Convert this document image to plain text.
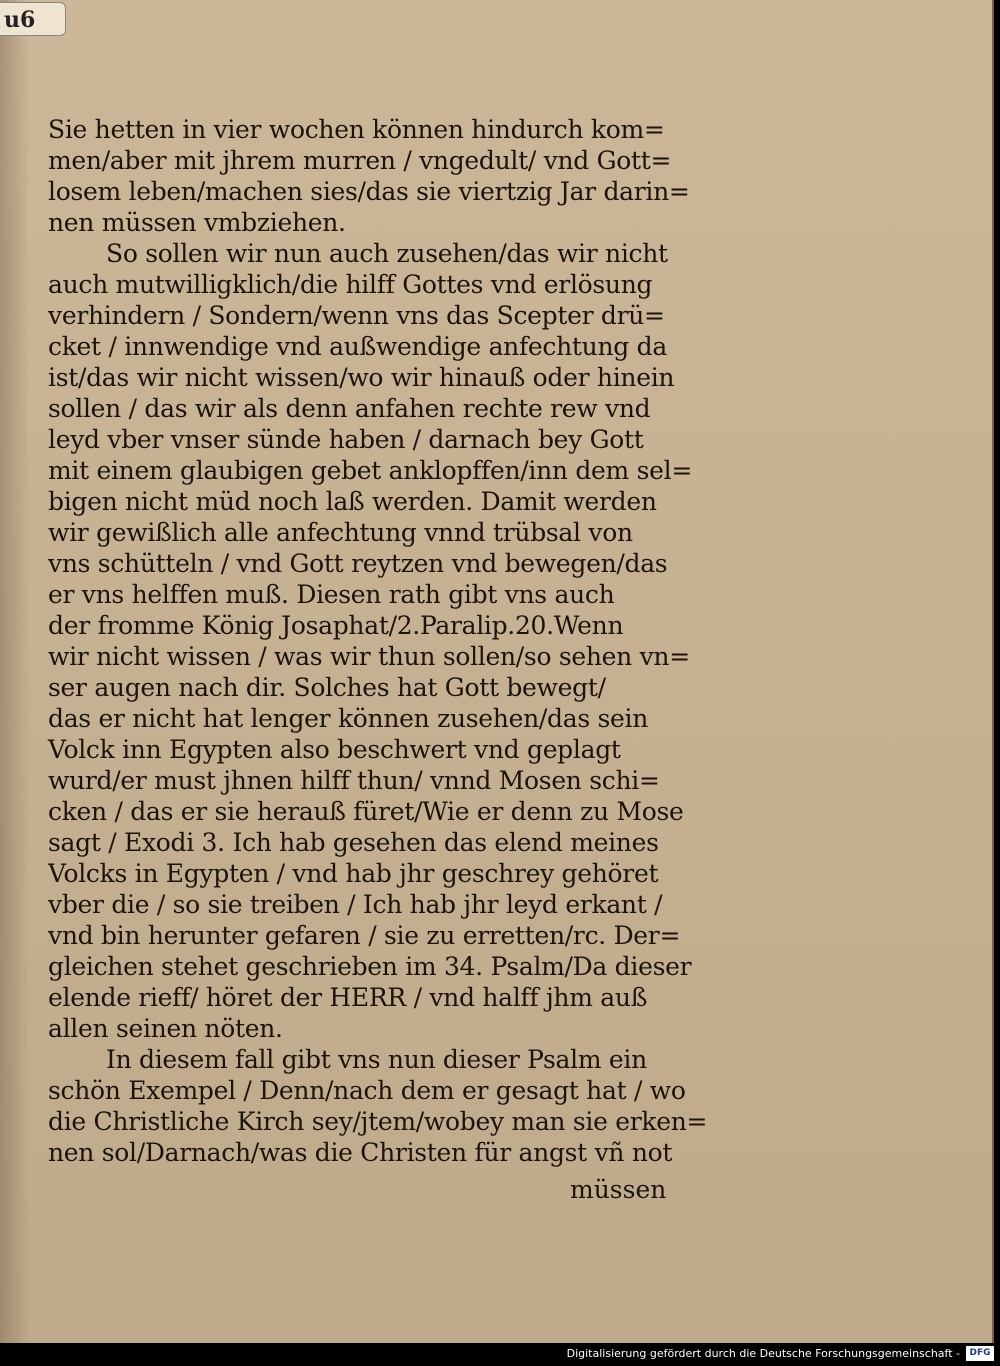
u6
Sie hetten in vier wochen können hindurch kom=
men/aber mit jhrem murren / vngedult/ vnd Gott=
losem leben/machen sies/das sie viertzig Jar darin=
nen müssen vmbziehen.
So sollen wir nun auch zusehen/das wir nicht
auch mutwilligklich/die hilff Gottes vnd erlösung
verhindern / Sondern/wenn vns das Scepter drü=
cket / innwendige vnd außwendige anfechtung da
ist/das wir nicht wissen/wo wir hinauß oder hinein
sollen / das wir als denn anfahen rechte rew vnd
leyd vber vnser sünde haben / darnach bey Gott
mit einem glaubigen gebet anklopffen/inn dem sel=
bigen nicht müd noch laß werden. Damit werden
wir gewißlich alle anfechtung vnnd trübsal von
vns schütteln / vnd Gott reytzen vnd bewegen/das
er vns helffen muß. Diesen rath gibt vns auch
der fromme König Josaphat/2.Paralip.20.Wenn
wir nicht wissen / was wir thun sollen/so sehen vn=
ser augen nach dir. Solches hat Gott bewegt/
das er nicht hat lenger können zusehen/das sein
Volck inn Egypten also beschwert vnd geplagt
wurd/er must jhnen hilff thun/ vnnd Mosen schi=
cken / das er sie herauß füret/Wie er denn zu Mose
sagt / Exodi 3. Ich hab gesehen das elend meines
Volcks in Egypten / vnd hab jhr geschrey gehöret
vber die / so sie treiben / Ich hab jhr leyd erkant /
vnd bin herunter gefaren / sie zu erretten/rc. Der=
gleichen stehet geschrieben im 34. Psalm/Da dieser
elende rieff/ höret der HERR / vnd halff jhm auß
allen seinen nöten.
In diesem fall gibt vns nun dieser Psalm ein
schön Exempel / Denn/nach dem er gesagt hat / wo
die Christliche Kirch sey/jtem/wobey man sie erken=
nen sol/Darnach/was die Christen für angst vñ not
müssen
Digitalisierung gefördert durch die Deutsche Forschungsgemeinschaft -	DFG
